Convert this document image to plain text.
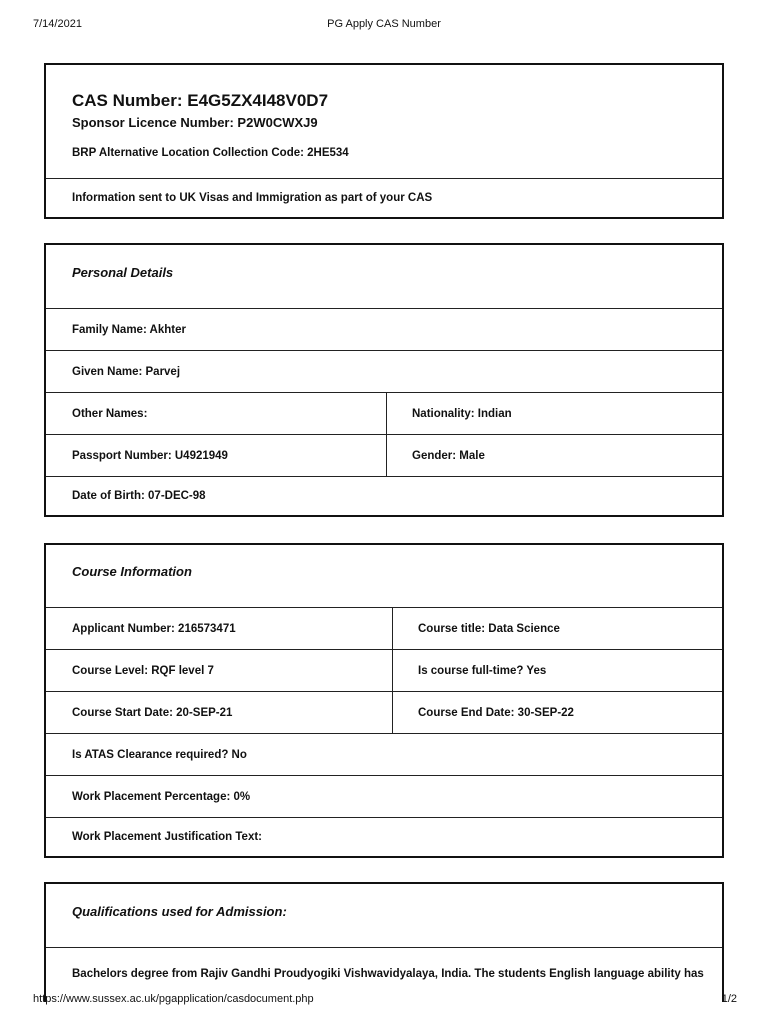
7/14/2021	PG Apply CAS Number
CAS Number: E4G5ZX4I48V0D7
Sponsor Licence Number: P2W0CWXJ9
BRP Alternative Location Collection Code: 2HE534
Information sent to UK Visas and Immigration as part of your CAS
Personal Details
Family Name: Akhter
Given Name: Parvej
Other Names:	Nationality: Indian
Passport Number: U4921949	Gender: Male
Date of Birth: 07-DEC-98
Course Information
Applicant Number: 216573471	Course title: Data Science
Course Level: RQF level 7	Is course full-time? Yes
Course Start Date: 20-SEP-21	Course End Date: 30-SEP-22
Is ATAS Clearance required? No
Work Placement Percentage: 0%
Work Placement Justification Text:
Qualifications used for Admission:
Bachelors degree from Rajiv Gandhi Proudyogiki Vishwavidyalaya, India. The students English language ability has
https://www.sussex.ac.uk/pgapplication/casdocument.php	1/2
